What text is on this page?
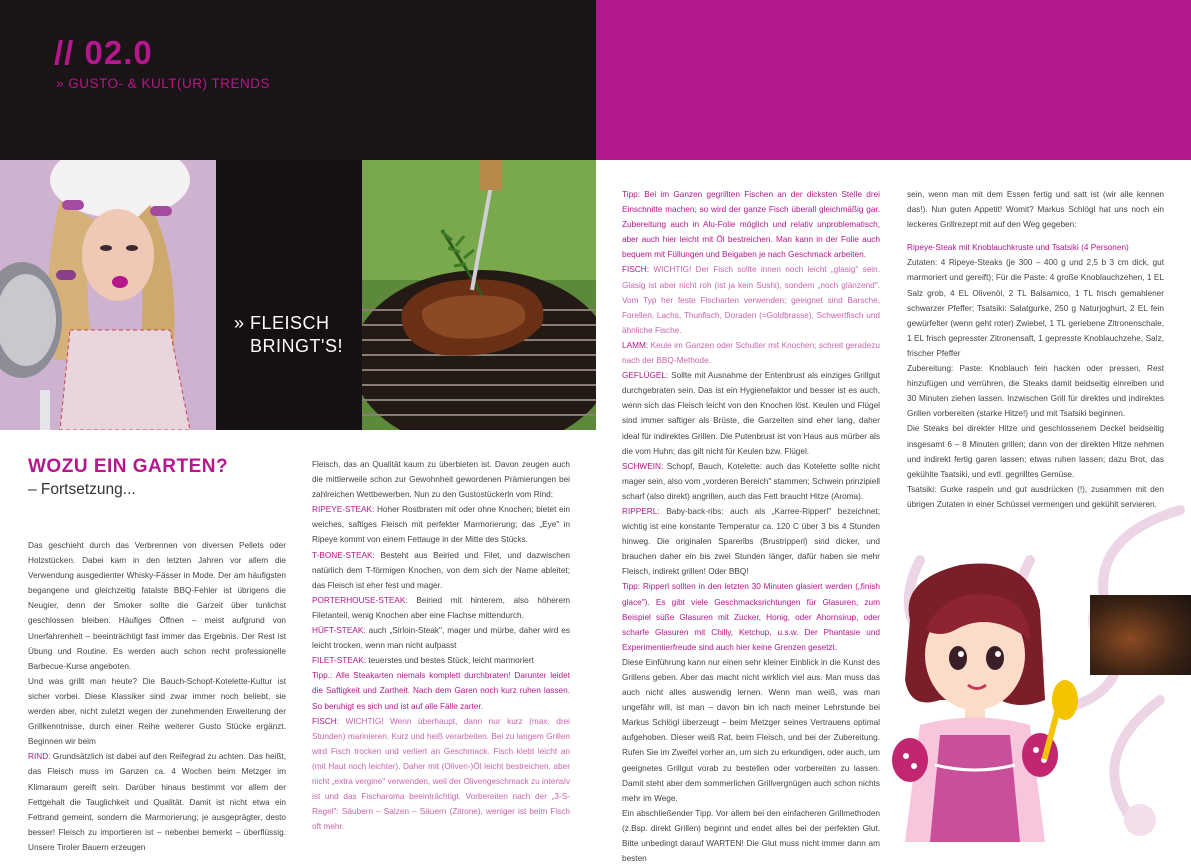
// 02.0
» GUSTO- & KULT(UR) TRENDS
» FLEISCH
BRINGT'S!
WOZU EIN GARTEN?
– Fortsetzung...

Das geschieht durch das Verbrennen von diversen Pellets oder Holzstücken. Dabei kam in den letzten Jahren vor allem die Verwendung ausgedienter Whisky-Fässer in Mode. Der am häufigsten begangene und gleichzeitig fatalste BBQ-Fehler ist übrigens die Neugier, denn der Smoker sollte die Garzeit über tunlichst geschlossen bleiben. Häufiges Öffnen – meist aufgrund von Unerfahrenheit – beeinträchtigt fast immer das Ergebnis. Der Rest ist Übung und Routine. Es werden auch schon recht professionelle Barbecue-Kurse angeboten.

Und was grillt man heute? Die Bauch-Schopf-Kotelette-Kultur ist sicher vorbei. Diese Klassiker sind zwar immer noch beliebt, sie werden aber, nicht zuletzt wegen der zunehmenden Erweiterung der Grillkenntnisse, durch einer Reihe weiterer Gusto Stücke ergänzt. Beginnen wir beim

RIND: Grundsätzlich ist dabei auf den Reifegrad zu achten. Das heißt, das Fleisch muss im Ganzen ca. 4 Wochen beim Metzger im Klimaraum gereift sein. Darüber hinaus bestimmt vor allem der Fettgehalt die Tauglichkeit und Qualität. Damit ist nicht etwa ein Fettrand gemeint, sondern die Marmorierung; je ausgeprägter, desto besser! Fleisch zu importieren ist – nebenbei bemerkt – überflüssig. Unsere Tiroler Bauern erzeugen

Fleisch, das an Qualität kaum zu überbieten ist. Davon zeugen auch die mittlerweile schon zur Gewohnheit gewordenen Prämierungen bei zahlreichen Wettbewerben. Nun zu den Gustostückerln vom Rind:

RIPEYE-STEAK: Hoher Rostbraten mit oder ohne Knochen; bietet ein weiches, saftiges Fleisch mit perfekter Marmorierung; das „Eye" in Ripeye kommt von einem Fettauge in der Mitte des Stücks.

T-BONE-STEAK: Besteht aus Beiried und Filet, und dazwischen natürlich dem T-förmigen Knochen, von dem sich der Name ableitet; das Fleisch ist eher fest und mager.

PORTERHOUSE-STEAK: Beiried mit hinterem, also höherem Filetanteil, wenig Knochen aber eine Flachse mittendurch.

HÜFT-STEAK: auch „Sirloin-Steak", mager und mürbe, daher wird es leicht trocken, wenn man nicht aufpasst

FILET-STEAK: teuerstes und bestes Stück, leicht marmoriert

Tipp.: Alle Steakarten niemals komplett durchbraten! Darunter leidet die Saftigkeit und Zartheit. Nach dem Garen noch kurz ruhen lassen. So beruhigt es sich und ist auf alle Fälle zarter.

FISCH: WICHTIG! Wenn überhaupt, dann nur kurz (max. drei Stunden) marinieren. Kurz und heiß verarbeiten. Bei zu langem Grillen wird Fisch trocken und verliert an Geschmack. Fisch klebt leicht an (mit Haut noch leichter). Daher mit (Oliven-)Öl leicht bestreichen, aber nicht „extra vergine" verwenden, weil der Olivengeschmack zu intensiv ist und das Fischaroma beeinträchtigt. Vorbereiten nach der „3-S-Regel": Säubern – Salzen – Säuern (Zitrone), weniger ist beim Fisch oft mehr.

Tipp: Bei im Ganzen gegrillten Fischen an der dicksten Stelle drei Einschnitte machen; so wird der ganze Fisch überall gleichmäßig gar. Zubereitung auch in Alu-Folie möglich und relativ unproblematisch, aber auch hier leicht mit Öl bestreichen. Man kann in der Folie auch bequem mit Füllungen und Beigaben je nach Geschmack arbeiten.

FISCH: WICHTIG! Der Fisch sollte innen noch leicht „glasig" sein. Glasig ist aber nicht roh (ist ja kein Sushi), sondern „noch glänzend". Vom Typ her feste Fischarten verwenden; geeignet sind Barsche, Forellen, Lachs, Thunfisch, Doraden (=Goldbrasse), Schwertfisch und ähnliche Fische.

LAMM: Keule im Ganzen oder Schulter mit Knochen; schreit geradezu nach der BBQ-Methode.

GEFLÜGEL: Sollte mit Ausnahme der Entenbrust als einziges Grillgut durchgebraten sein. Das ist ein Hygienefaktor und besser ist es auch, wenn sich das Fleisch leicht von den Knochen löst. Keulen und Flügel sind immer saftiger als Brüste, die Garzeiten sind eher lang, daher ideal für indirektes Grillen. Die Putenbrust ist von Haus aus mürber als die vom Huhn; das gilt nicht für Keulen bzw. Flügel.

SCHWEIN: Schopf, Bauch, Kotelette: auch das Kotelette sollte nicht mager sein, also vom „vorderen Bereich" stammen; Schwein prinzipiell scharf (also direkt) angrillen, auch das Fett braucht Hitze (Aroma).

RIPPERL: Baby-back-ribs: auch als „Karree-Ripperl" bezeichnet; wichtig ist eine konstante Temperatur ca. 120 C über 3 bis 4 Stunden hinweg. Die originalen Spareribs (Brustripperl) sind dicker, und brauchen daher ein bis zwei Stunden länger, dafür haben sie mehr Fleisch, indirekt grillen! Oder BBQ!

Tipp: Ripperl sollten in den letzten 30 Minuten glasiert werden („finish glace"). Es gibt viele Geschmacksrichtungen für Glasuren, zum Beispiel süße Glasuren mit Zucker, Honig, oder Ahornsirup, oder scharfe Glasuren mit Chilly, Ketchup, u.s.w. Der Phantasie und Experimentierfreude sind auch hier keine Grenzen gesetzt.

Diese Einführung kann nur einen sehr kleiner Einblick in die Kunst des Grillens geben. Aber das macht nicht wirklich viel aus. Man muss das auch nicht alles auswendig lernen. Wenn man weiß, was man ungefähr will, ist man – davon bin ich nach meiner Lehrstunde bei Markus Schlögl überzeugt – beim Metzger seines Vertrauens optimal aufgehoben. Dieser weiß Rat, beim Fleisch, und bei der Zubereitung. Rufen Sie im Zweifel vorher an, um sich zu erkundigen, oder auch, um geeignetes Grillgut vorab zu bestellen oder vorbereiten zu lassen. Damit steht aber dem sommerlichen Grillvergnügen auch schon nichts mehr im Wege.

Ein abschließender Tipp. Vor allem bei den einfacheren Grillmethoden (z.Bsp. direkt Grillen) beginnt und endet alles bei der perfekten Glut. Bitte unbedingt darauf WARTEN! Die Glut muss nicht immer dann am besten

sein, wenn man mit dem Essen fertig und satt ist (wir alle kennen das!). Nun guten Appetit! Womit? Markus Schlögl hat uns noch ein leckeres Grillrezept mit auf den Weg gegeben:

Ripeye-Steak mit Knoblauchkruste und Tsatsiki (4 Personen)

Zutaten: 4 Ripeye-Steaks (je 300 – 400 g und 2,5 b 3 cm dick, gut marmoriert und gereift); Für die Paste: 4 große Knoblauchzehen, 1 EL Salz grob, 4 EL Olivenöl, 2 TL Balsamico, 1 TL frisch gemahlener schwarzer Pfeffer; Tsatsiki: Salatgurke, 250 g Naturjoghurt, 2 EL fein gewürfelter (wenn geht roter) Zwiebel, 1 TL geriebene Zitronenschale, 1 EL frisch gepresster Zitronensaft, 1 gepresste Knoblauchzehe, Salz, frischer Pfeffer

Zubereitung: Paste: Knoblauch fein hacken oder pressen, Rest hinzufügen und verrühren, die Steaks damit beidseitig einreiben und 30 Minuten ziehen lassen. Inzwischen Grill für direktes und indirektes Grillen vorbereiten (starke Hitze!) und mit Tsatsiki beginnen.

Die Steaks bei direkter Hitze und geschlossenem Deckel beidseitig insgesamt 6 – 8 Minuten grillen; dann von der direkten Hitze nehmen und indirekt fertig garen lassen; etwas ruhen lassen; dazu Brot, das gekühlte Tsatsiki, und evtl. gegrilltes Gemüse.

Tsatsiki: Gurke raspeln und gut ausdrücken (!), zusammen mit den übrigen Zutaten in einer Schüssel vermengen und gekühlt servieren.
